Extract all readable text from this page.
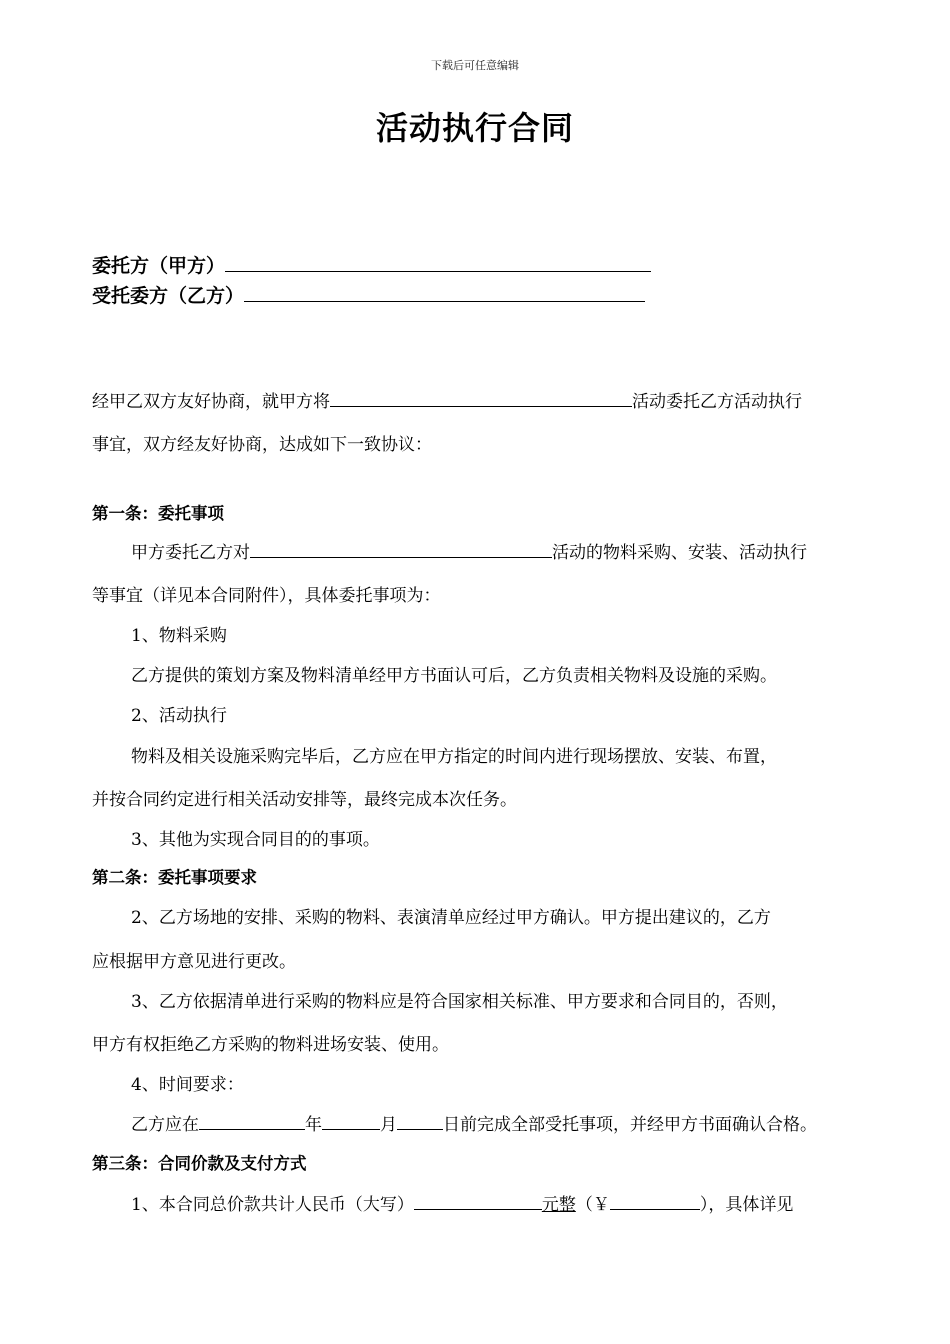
下载后可任意编辑
活动执行合同
委托方（甲方）
受托委方（乙方）
经甲乙双方友好协商，就甲方将	活动委托乙方活动执行
事宜，双方经友好协商，达成如下一致协议：
第一条：委托事项
甲方委托乙方对	活动的物料采购、安装、活动执行
等事宜（详见本合同附件），具体委托事项为：
1、物料采购
乙方提供的策划方案及物料清单经甲方书面认可后，乙方负责相关物料及设施的采购。
2、活动执行
物料及相关设施采购完毕后，乙方应在甲方指定的时间内进行现场摆放、安装、布置，
并按合同约定进行相关活动安排等，最终完成本次任务。
3、其他为实现合同目的的事项。
第二条：委托事项要求
2、乙方场地的安排、采购的物料、表演清单应经过甲方确认。甲方提出建议的，乙方
应根据甲方意见进行更改。
3、乙方依据清单进行采购的物料应是符合国家相关标准、甲方要求和合同目的，否则，
甲方有权拒绝乙方采购的物料进场安装、使用。
4、时间要求：
乙方应在	年	月	日前完成全部受托事项，并经甲方书面确认合格。
第三条：合同价款及支付方式
1、本合同总价款共计人民币（大写）	元整（￥	），具体详见
